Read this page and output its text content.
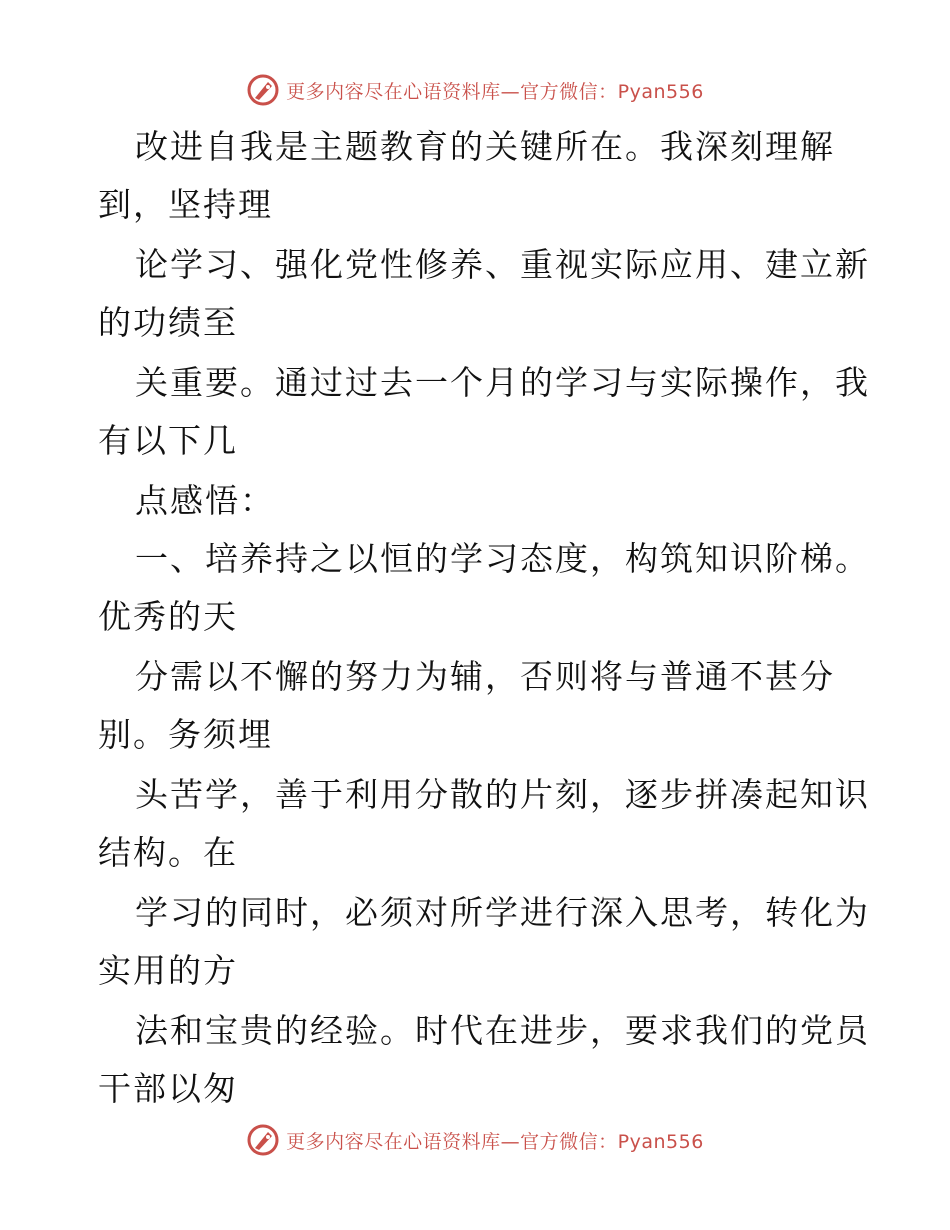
更多内容尽在心语资料库—官方微信：Pyan556
改进自我是主题教育的关键所在。我深刻理解
到，坚持理
论学习、强化党性修养、重视实际应用、建立新
的功绩至
关重要。通过过去一个月的学习与实际操作，我
有以下几
点感悟：
一、培养持之以恒的学习态度，构筑知识阶梯。
优秀的天
分需以不懈的努力为辅，否则将与普通不甚分
别。务须埋
头苦学，善于利用分散的片刻，逐步拼凑起知识
结构。在
学习的同时，必须对所学进行深入思考，转化为
实用的方
法和宝贵的经验。时代在进步，要求我们的党员
干部以匆
更多内容尽在心语资料库—官方微信：Pyan556
